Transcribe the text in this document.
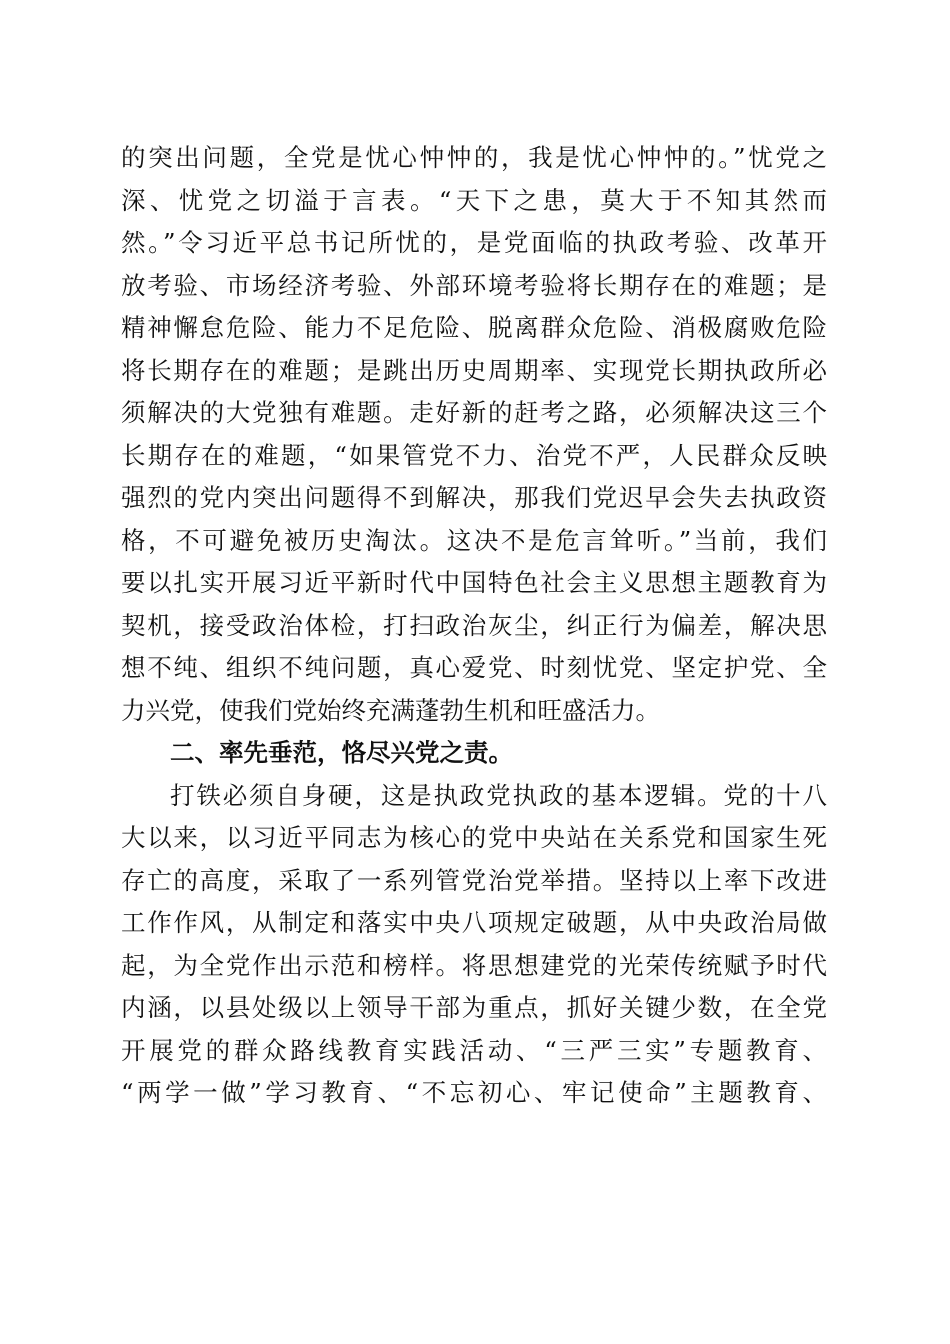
的突出问题，全党是忧心忡忡的，我是忧心忡忡的。”忧党之
深、忧党之切溢于言表。“天下之患，莫大于不知其然而
然。”令习近平总书记所忧的，是党面临的执政考验、改革开
放考验、市场经济考验、外部环境考验将长期存在的难题；是
精神懈怠危险、能力不足危险、脱离群众危险、消极腐败危险
将长期存在的难题；是跳出历史周期率、实现党长期执政所必
须解决的大党独有难题。走好新的赶考之路，必须解决这三个
长期存在的难题，“如果管党不力、治党不严，人民群众反映
强烈的党内突出问题得不到解决，那我们党迟早会失去执政资
格，不可避免被历史淘汰。这决不是危言耸听。”当前，我们
要以扎实开展习近平新时代中国特色社会主义思想主题教育为
契机，接受政治体检，打扫政治灰尘，纠正行为偏差，解决思
想不纯、组织不纯问题，真心爱党、时刻忧党、坚定护党、全
力兴党，使我们党始终充满蓬勃生机和旺盛活力。
二、率先垂范，恪尽兴党之责。
打铁必须自身硬，这是执政党执政的基本逻辑。党的十八
大以来，以习近平同志为核心的党中央站在关系党和国家生死
存亡的高度，采取了一系列管党治党举措。坚持以上率下改进
工作作风，从制定和落实中央八项规定破题，从中央政治局做
起，为全党作出示范和榜样。将思想建党的光荣传统赋予时代
内涵，以县处级以上领导干部为重点，抓好关键少数，在全党
开展党的群众路线教育实践活动、“三严三实”专题教育、
“两学一做”学习教育、“不忘初心、牢记使命”主题教育、
